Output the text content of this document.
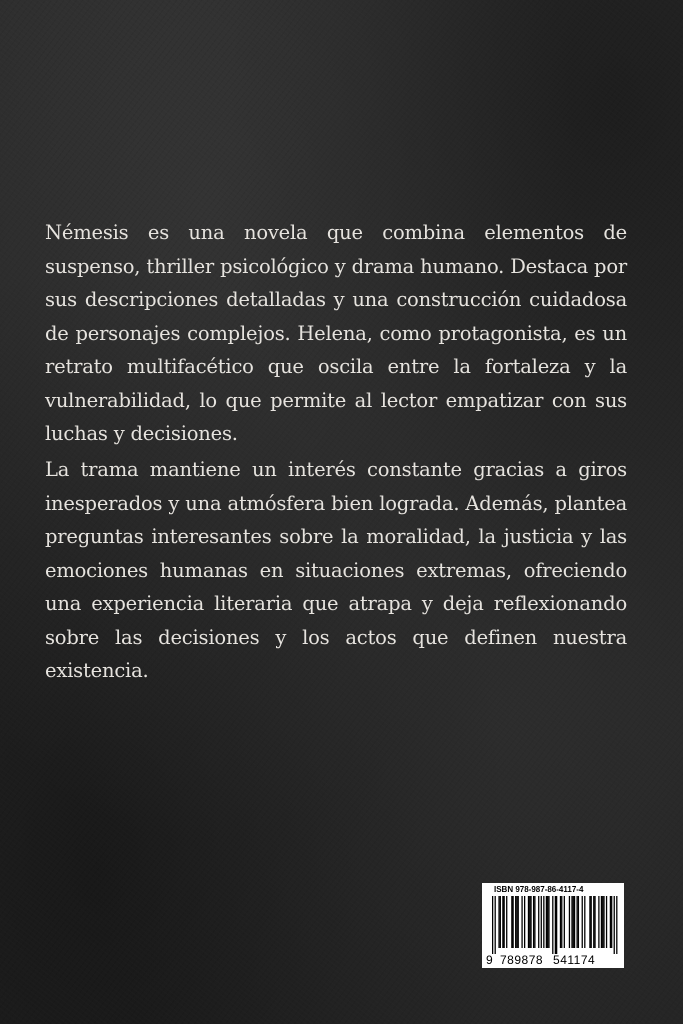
Némesis es una novela que combina elementos de suspenso, thriller psicológico y drama humano. Destaca por sus descripciones detalladas y una construcción cuidadosa de personajes complejos. Helena, como protagonista, es un retrato multifacético que oscila entre la fortaleza y la vulnerabilidad, lo que permite al lector empatizar con sus luchas y decisiones.

La trama mantiene un interés constante gracias a giros inesperados y una atmósfera bien lograda. Además, plantea preguntas interesantes sobre la moralidad, la justicia y las emociones humanas en situaciones extremas, ofreciendo una experiencia literaria que atrapa y deja reflexionando sobre las decisiones y los actos que definen nuestra existencia.

ISBN 978-987-86-4117-4
9 789878 541174
